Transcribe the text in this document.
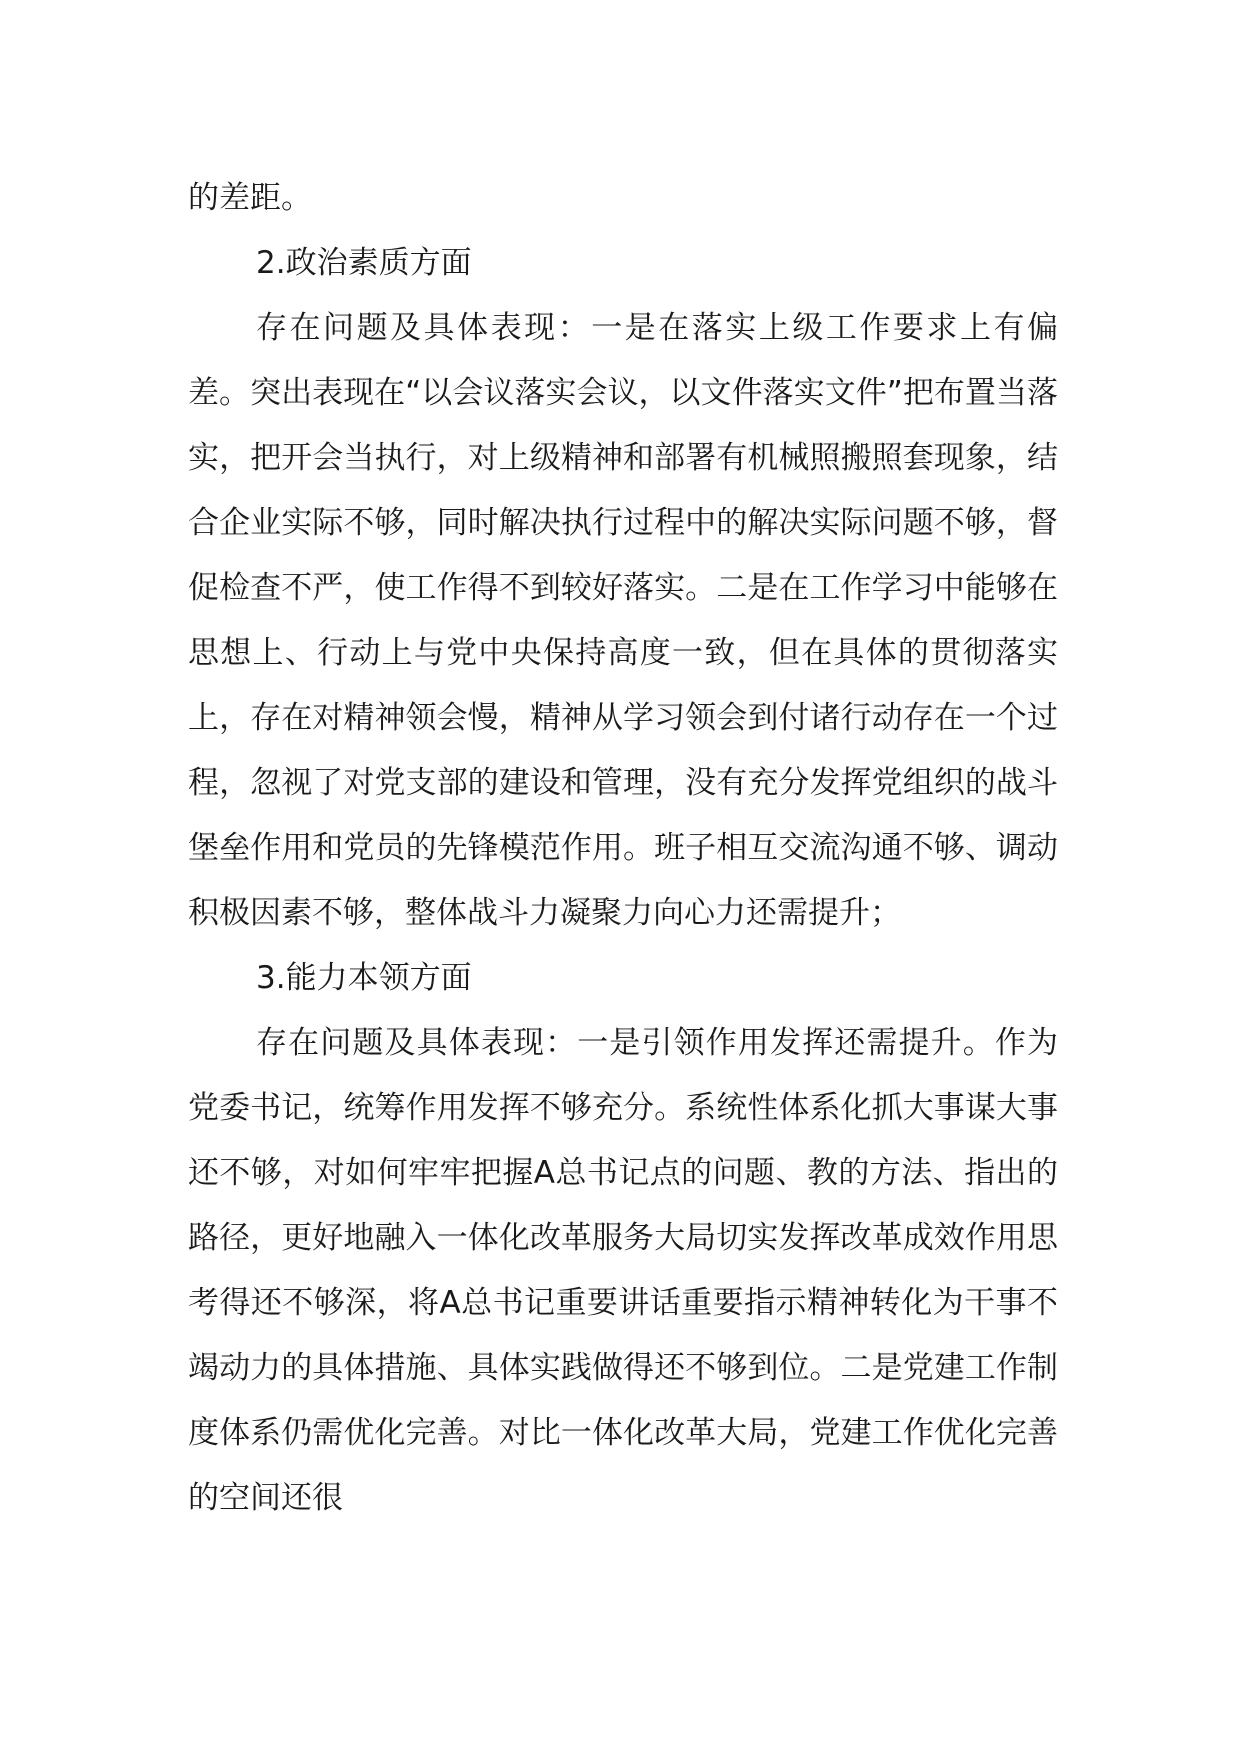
的差距。

2.政治素质方面

存在问题及具体表现：一是在落实上级工作要求上有偏差。突出表现在“以会议落实会议，以文件落实文件”把布置当落实，把开会当执行，对上级精神和部署有机械照搬照套现象，结合企业实际不够，同时解决执行过程中的解决实际问题不够，督促检查不严，使工作得不到较好落实。二是在工作学习中能够在思想上、行动上与党中央保持高度一致，但在具体的贯彻落实上，存在对精神领会慢，精神从学习领会到付诸行动存在一个过程，忽视了对党支部的建设和管理，没有充分发挥党组织的战斗堡垒作用和党员的先锋模范作用。班子相互交流沟通不够、调动积极因素不够，整体战斗力凝聚力向心力还需提升；

3.能力本领方面

存在问题及具体表现：一是引领作用发挥还需提升。作为党委书记，统筹作用发挥不够充分。系统性体系化抓大事谋大事还不够，对如何牢牢把握A总书记点的问题、教的方法、指出的路径，更好地融入一体化改革服务大局切实发挥改革成效作用思考得还不够深，将A总书记重要讲话重要指示精神转化为干事不竭动力的具体措施、具体实践做得还不够到位。二是党建工作制度体系仍需优化完善。对比一体化改革大局，党建工作优化完善的空间还很
